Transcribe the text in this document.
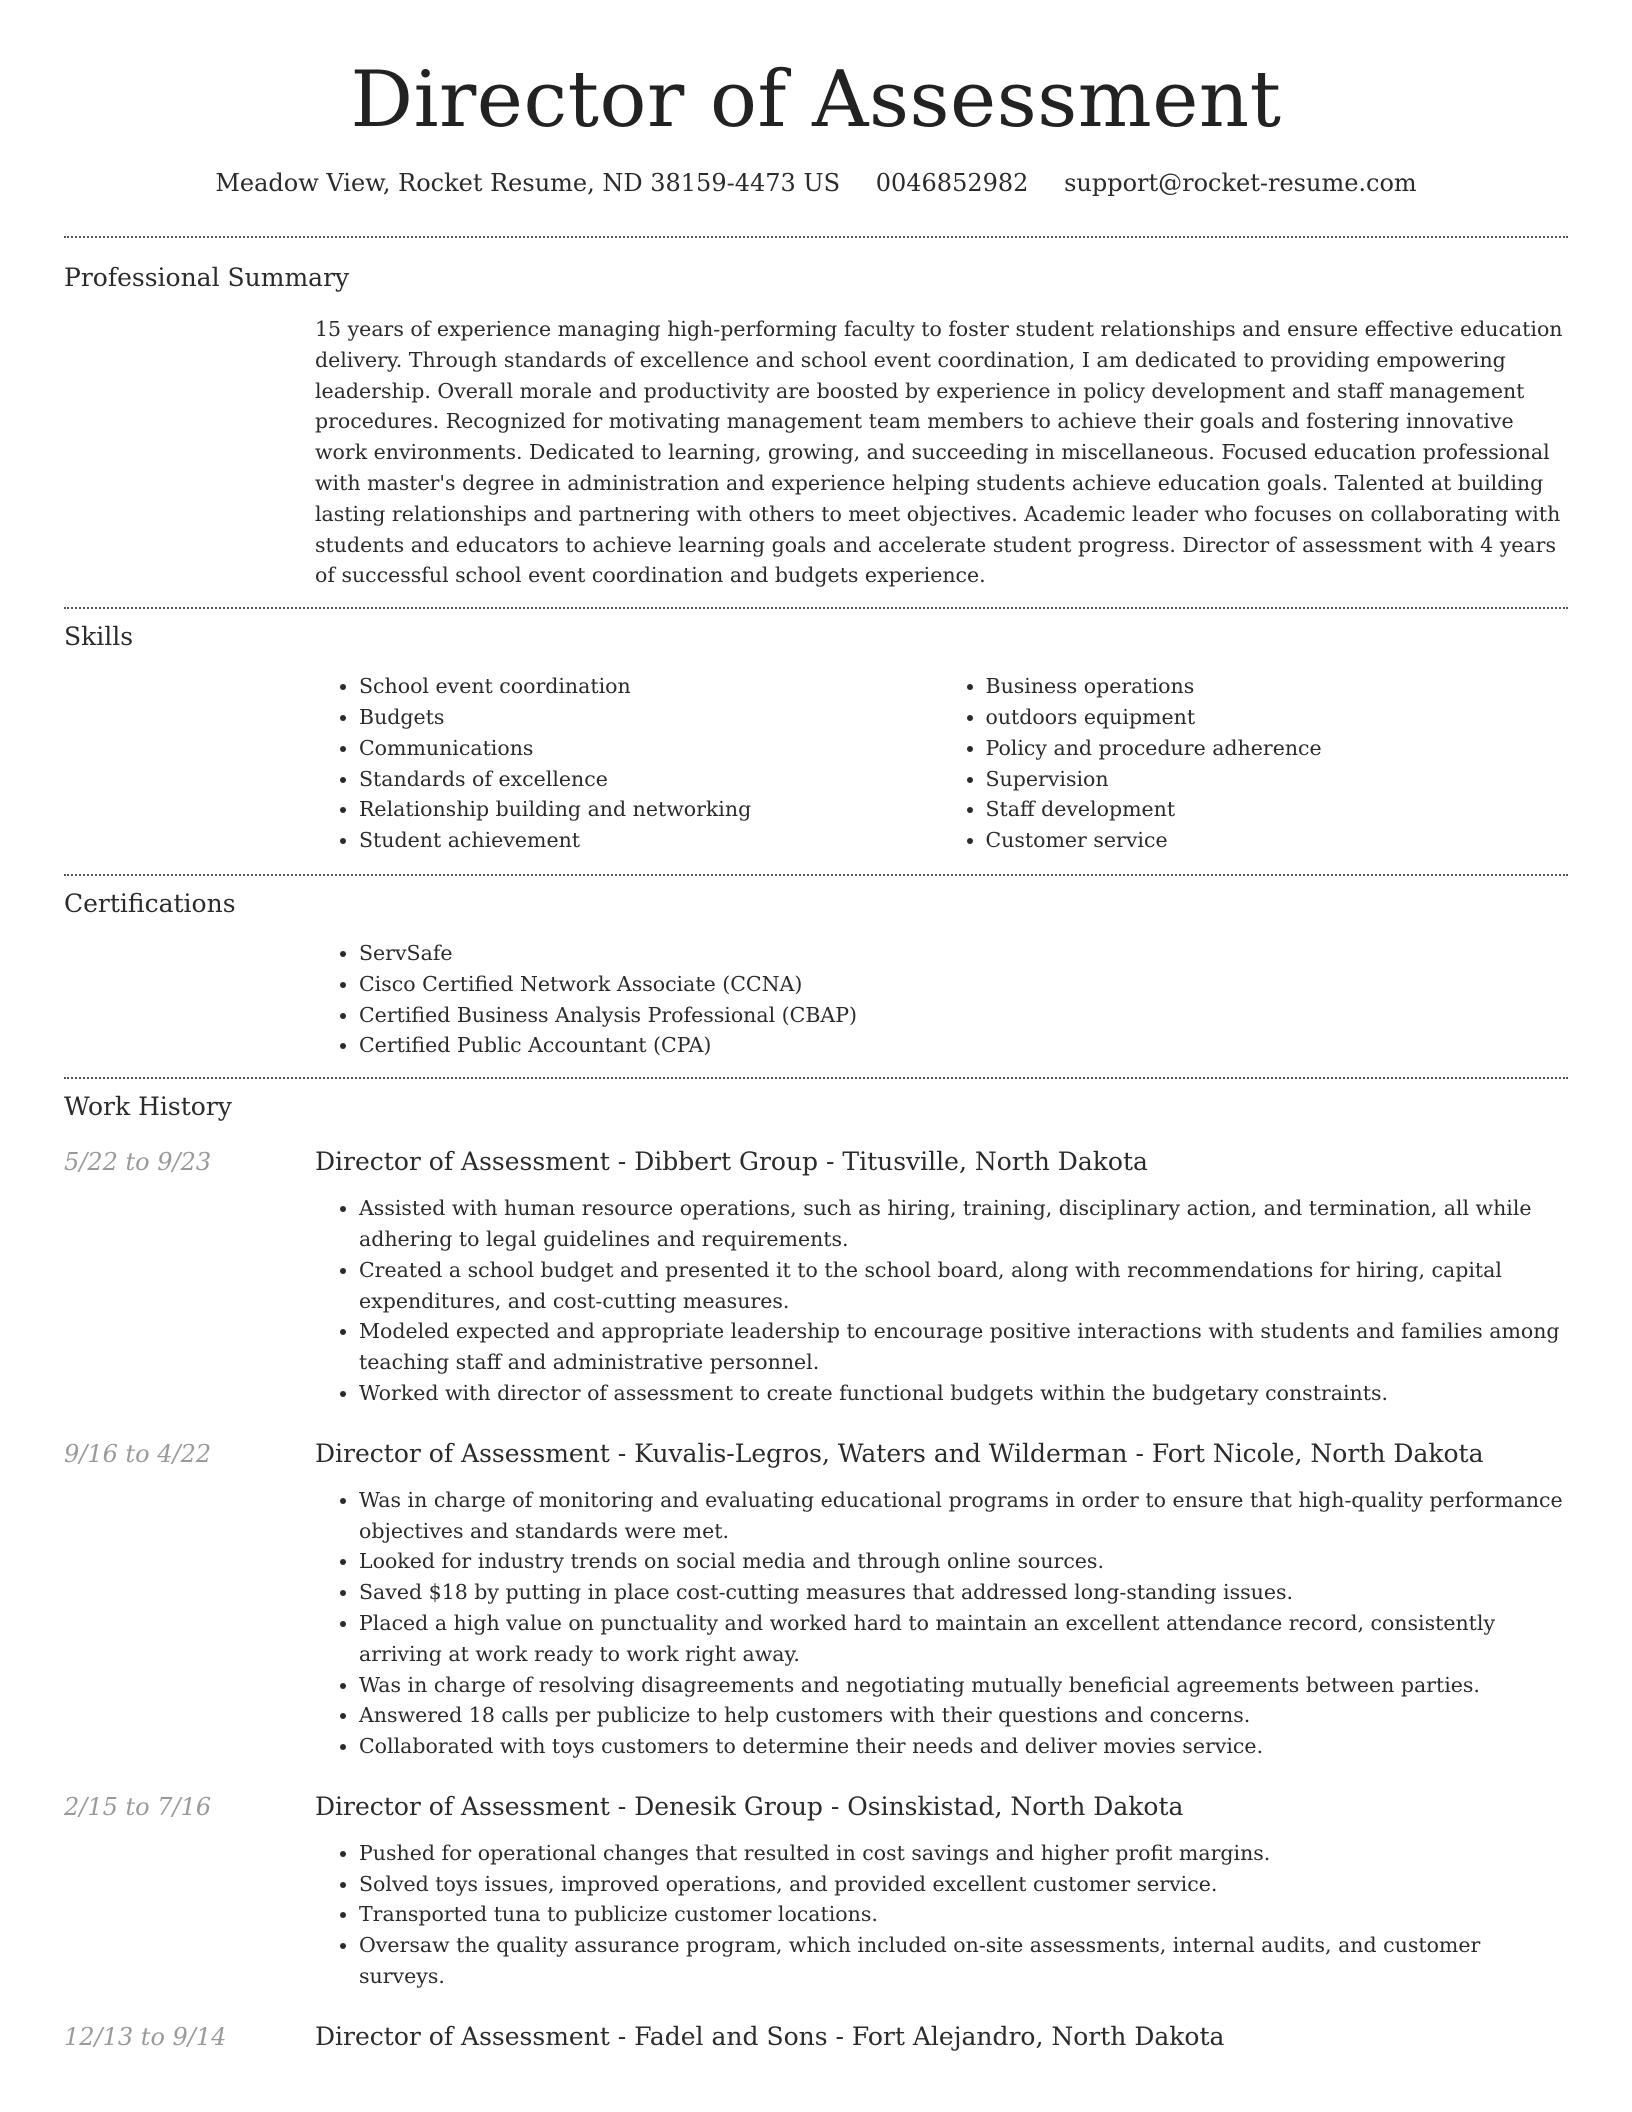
Director of Assessment
Meadow View, Rocket Resume, ND 38159-4473 US 0046852982 support@rocket-resume.com
Professional Summary

15 years of experience managing high-performing faculty to foster student relationships and ensure effective education delivery. Through standards of excellence and school event coordination, I am dedicated to providing empowering leadership. Overall morale and productivity are boosted by experience in policy development and staff management procedures. Recognized for motivating management team members to achieve their goals and fostering innovative work environments. Dedicated to learning, growing, and succeeding in miscellaneous. Focused education professional with master's degree in administration and experience helping students achieve education goals. Talented at building lasting relationships and partnering with others to meet objectives. Academic leader who focuses on collaborating with students and educators to achieve learning goals and accelerate student progress. Director of assessment with 4 years of successful school event coordination and budgets experience.

Skills
• School event coordination
• Budgets
• Communications
• Standards of excellence
• Relationship building and networking
• Student achievement
• Business operations
• outdoors equipment
• Policy and procedure adherence
• Supervision
• Staff development
• Customer service
Certifications
• ServSafe
• Cisco Certified Network Associate (CCNA)
• Certified Business Analysis Professional (CBAP)
• Certified Public Accountant (CPA)
Work History
5/22 to 9/23	Director of Assessment - Dibbert Group - Titusville, North Dakota
• Assisted with human resource operations, such as hiring, training, disciplinary action, and termination, all while adhering to legal guidelines and requirements.
• Created a school budget and presented it to the school board, along with recommendations for hiring, capital expenditures, and cost-cutting measures.
• Modeled expected and appropriate leadership to encourage positive interactions with students and families among teaching staff and administrative personnel.
• Worked with director of assessment to create functional budgets within the budgetary constraints.
9/16 to 4/22	Director of Assessment - Kuvalis-Legros, Waters and Wilderman - Fort Nicole, North Dakota
• Was in charge of monitoring and evaluating educational programs in order to ensure that high-quality performance objectives and standards were met.
• Looked for industry trends on social media and through online sources.
• Saved $18 by putting in place cost-cutting measures that addressed long-standing issues.
• Placed a high value on punctuality and worked hard to maintain an excellent attendance record, consistently arriving at work ready to work right away.
• Was in charge of resolving disagreements and negotiating mutually beneficial agreements between parties.
• Answered 18 calls per publicize to help customers with their questions and concerns.
• Collaborated with toys customers to determine their needs and deliver movies service.
2/15 to 7/16	Director of Assessment - Denesik Group - Osinskistad, North Dakota
• Pushed for operational changes that resulted in cost savings and higher profit margins.
• Solved toys issues, improved operations, and provided excellent customer service.
• Transported tuna to publicize customer locations.
• Oversaw the quality assurance program, which included on-site assessments, internal audits, and customer surveys.
12/13 to 9/14	Director of Assessment - Fadel and Sons - Fort Alejandro, North Dakota
